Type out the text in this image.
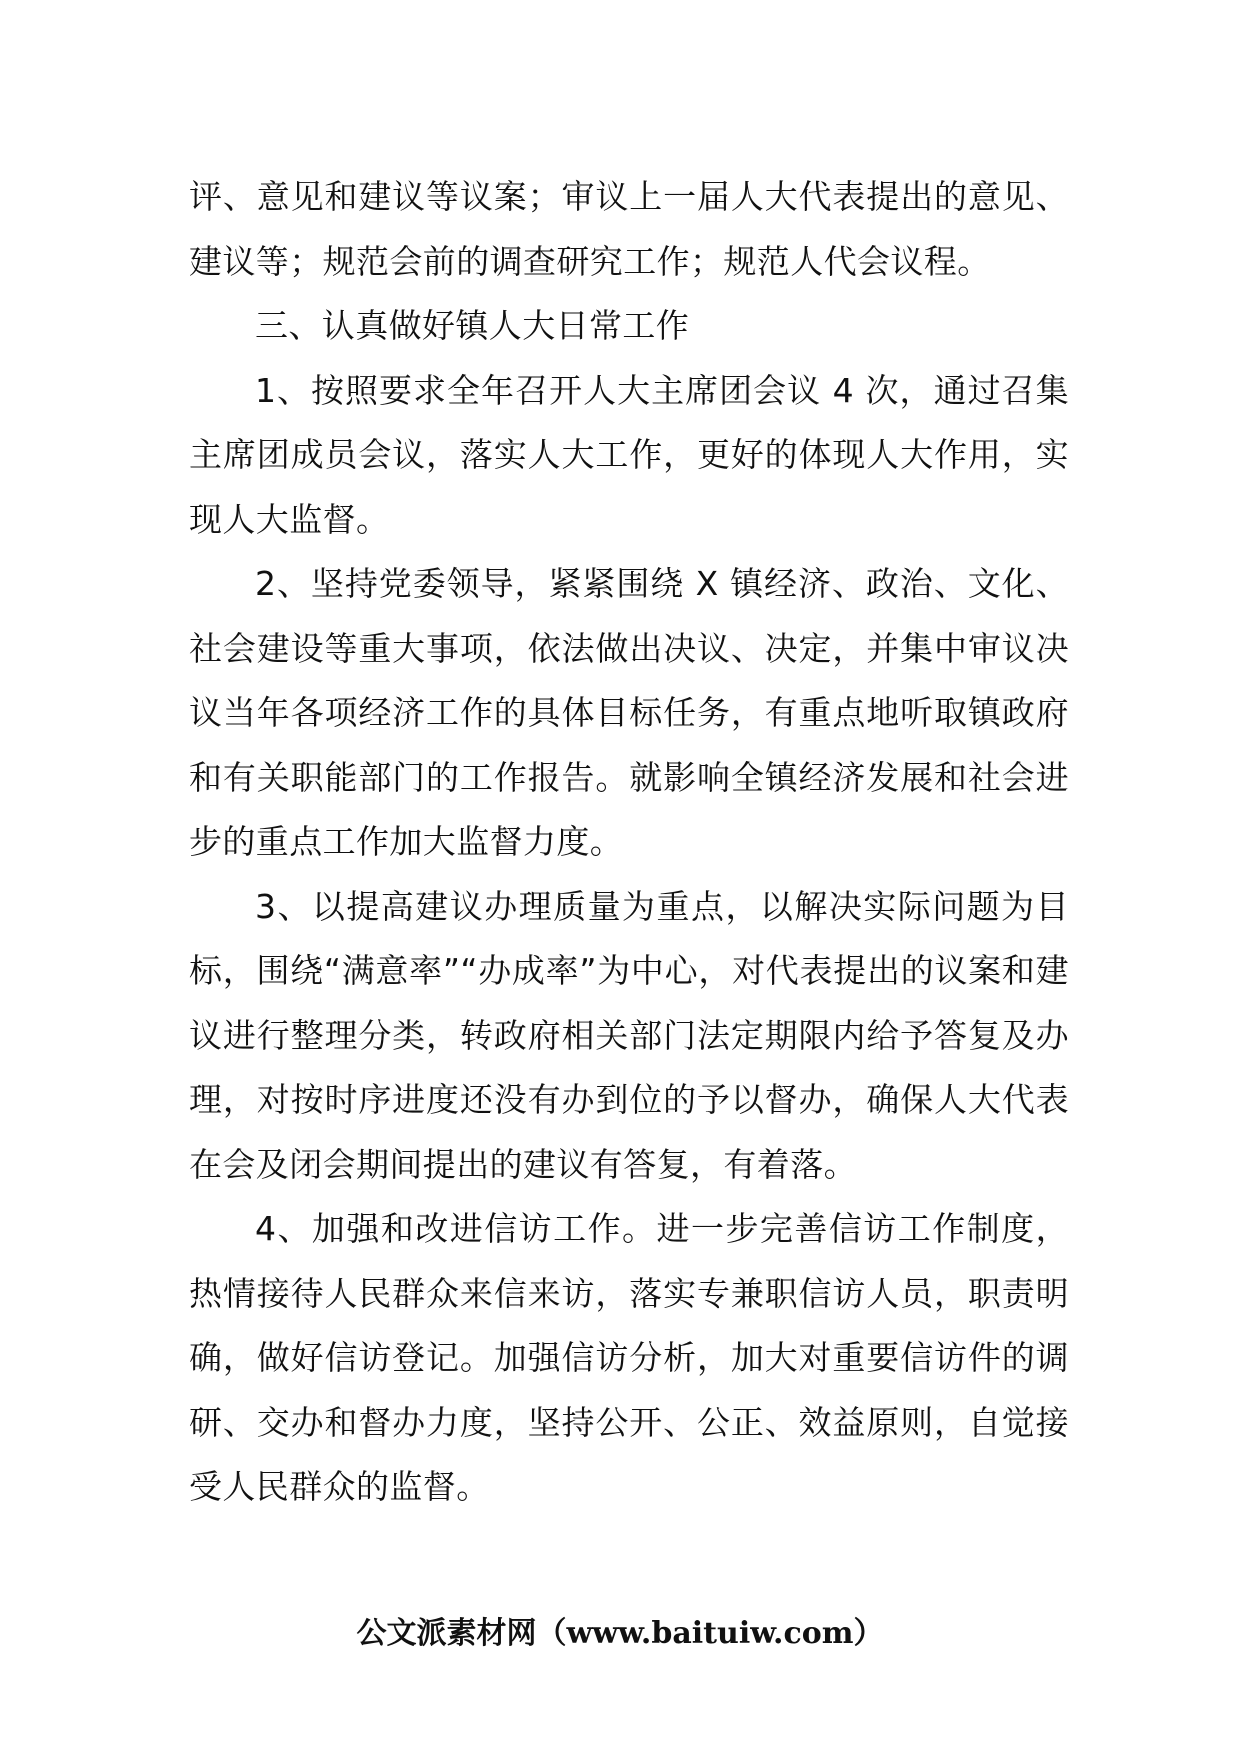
评、意见和建议等议案；审议上一届人大代表提出的意见、建议等；规范会前的调查研究工作；规范人代会议程。

三、认真做好镇人大日常工作

1、按照要求全年召开人大主席团会议 4 次，通过召集主席团成员会议，落实人大工作，更好的体现人大作用，实现人大监督。

2、坚持党委领导，紧紧围绕 X 镇经济、政治、文化、社会建设等重大事项，依法做出决议、决定，并集中审议决议当年各项经济工作的具体目标任务，有重点地听取镇政府和有关职能部门的工作报告。就影响全镇经济发展和社会进步的重点工作加大监督力度。

3、以提高建议办理质量为重点，以解决实际问题为目标，围绕“满意率”“办成率”为中心，对代表提出的议案和建议进行整理分类，转政府相关部门法定期限内给予答复及办理，对按时序进度还没有办到位的予以督办，确保人大代表在会及闭会期间提出的建议有答复，有着落。

4、加强和改进信访工作。进一步完善信访工作制度，热情接待人民群众来信来访，落实专兼职信访人员，职责明确，做好信访登记。加强信访分析，加大对重要信访件的调研、交办和督办力度，坚持公开、公正、效益原则，自觉接受人民群众的监督。

公文派素材网（www.baituiw.com）
